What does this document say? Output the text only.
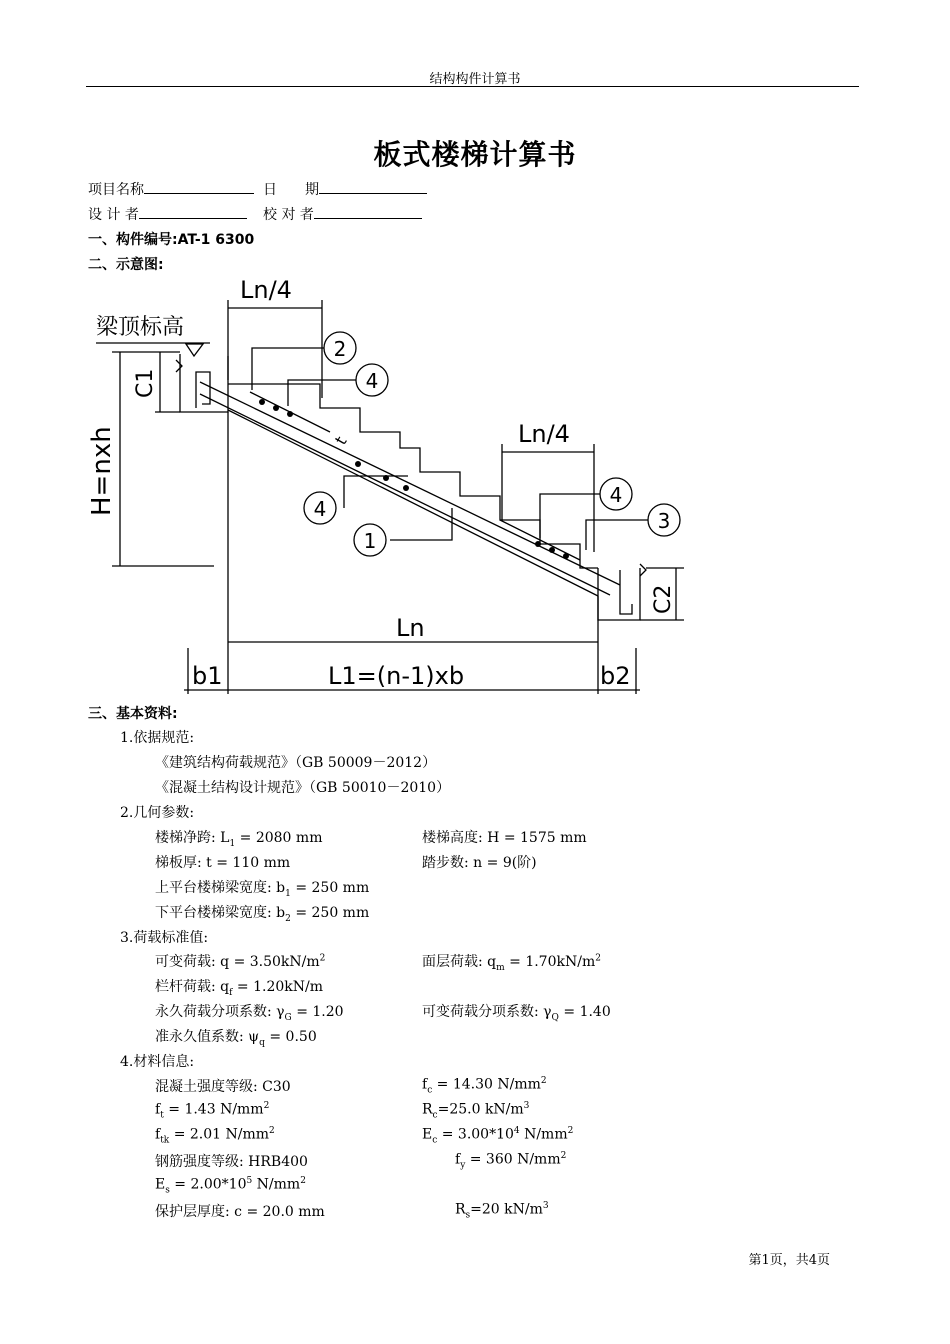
结构构件计算书
板式楼梯计算书
项目名称	日　　期
设 计 者	校 对 者
一、构件编号:AT-1 6300
二、示意图:
2
4
4
1
4
3
梁顶标高
Ln/4
Ln/4
C1
C2
H=nxh	t
Ln
b1	L1=(n-1)xb	b2
三、基本资料:
1.依据规范:
《建筑结构荷载规范》（GB 50009－2012）
《混凝土结构设计规范》（GB 50010－2010）
2.几何参数:
楼梯净跨: $L_1 = 2080$ mm	楼梯高度: H = 1575 mm
梯板厚: t = 110 mm	踏步数: n = 9(阶)
上平台楼梯梁宽度: $b_1 = 250$ mm
下平台楼梯梁宽度: $b_2 = 250$ mm
3.荷载标准值:
可变荷载: $q = 3.50kN/m^2$	面层荷载: $q_m = 1.70kN/m^2$
栏杆荷载: $q_f = 1.20kN/m$
永久荷载分项系数: $\gamma_G = 1.20$	可变荷载分项系数: $\gamma_Q = 1.40$
准永久值系数: $\psi_q = 0.50$
4.材料信息:
混凝土强度等级: C30	$f_c = 14.30$ $N/mm^2$
$f_t = 1.43$ $N/mm^2$	$R_c=25.0$ $kN/m^3$
$f_{tk} = 2.01$ $N/mm^2$	$E_c = 3.00*10^4$ $N/mm^2$
钢筋强度等级: HRB400	$f_y = 360$ $N/mm^2$
$E_s = 2.00*10^5$ $N/mm^2$
保护层厚度: c = 20.0 mm	$R_s=20$ $kN/m^3$
第1页，共4页
